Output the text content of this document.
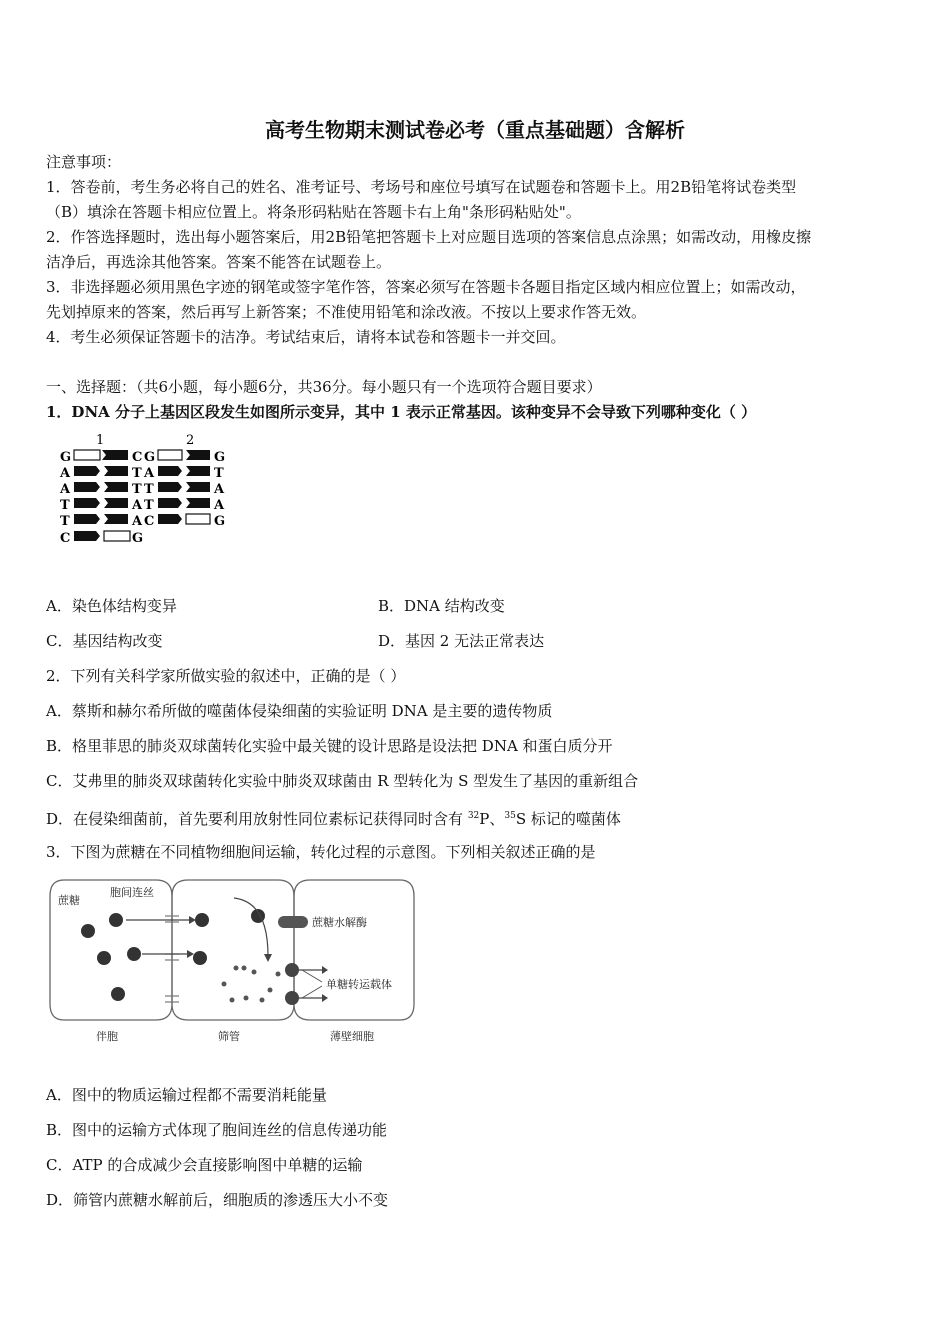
高考生物期末测试卷必考（重点基础题）含解析
注意事项：
1．答卷前，考生务必将自己的姓名、准考证号、考场号和座位号填写在试题卷和答题卡上。用2B铅笔将试卷类型
（B）填涂在答题卡相应位置上。将条形码粘贴在答题卡右上角"条形码粘贴处"。
2．作答选择题时，选出每小题答案后，用2B铅笔把答题卡上对应题目选项的答案信息点涂黑；如需改动，用橡皮擦
洁净后，再选涂其他答案。答案不能答在试题卷上。
3．非选择题必须用黑色字迹的钢笔或签字笔作答，答案必须写在答题卡各题目指定区域内相应位置上；如需改动，
先划掉原来的答案，然后再写上新答案；不准使用铅笔和涂改液。不按以上要求作答无效。
4．考生必须保证答题卡的洁净。考试结束后，请将本试卷和答题卡一并交回。
一、选择题：（共6小题，每小题6分，共36分。每小题只有一个选项符合题目要求）
1．DNA 分子上基因区段发生如图所示变异，其中 1 表示正常基因。该种变异不会导致下列哪种变化（ ）
1	2
G	C
A	T
A	T
T	A
T	A
C	G
G	G
A	T
T	A
T	A
C	G
A．染色体结构变异	B．DNA 结构改变
C．基因结构改变	D．基因 2 无法正常表达
2．下列有关科学家所做实验的叙述中，正确的是（ ）
A．蔡斯和赫尔希所做的噬菌体侵染细菌的实验证明 DNA 是主要的遗传物质
B．格里菲思的肺炎双球菌转化实验中最关键的设计思路是设法把 DNA 和蛋白质分开
C．艾弗里的肺炎双球菌转化实验中肺炎双球菌由 R 型转化为 S 型发生了基因的重新组合
D．在侵染细菌前，首先要利用放射性同位素标记获得同时含有 $^{32}$P、$^{35}$S 标记的噬菌体
3．下图为蔗糖在不同植物细胞间运输，转化过程的示意图。下列相关叙述正确的是
蔗糖
胞间连丝
蔗糖水解酶
单糖转运载体
伴胞	筛管	薄壁细胞
A．图中的物质运输过程都不需要消耗能量
B．图中的运输方式体现了胞间连丝的信息传递功能
C．ATP 的合成减少会直接影响图中单糖的运输
D．筛管内蔗糖水解前后，细胞质的渗透压大小不变
